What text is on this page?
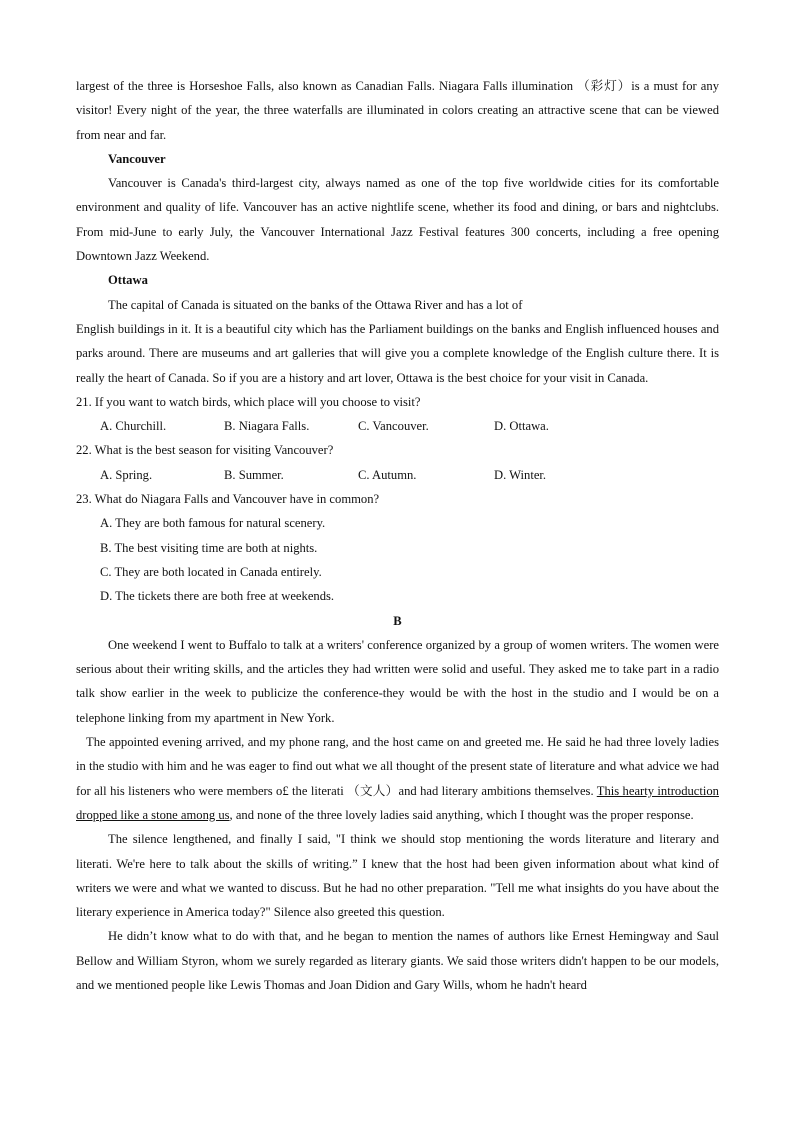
largest of the three is Horseshoe Falls, also known as Canadian Falls. Niagara Falls illumination （彩灯）is a must for any visitor! Every night of the year, the three waterfalls are illuminated in colors creating an attractive scene that can be viewed from near and far.

Vancouver

Vancouver is Canada's third-largest city, always named as one of the top five worldwide cities for its comfortable environment and quality of life. Vancouver has an active nightlife scene, whether its food and dining, or bars and nightclubs. From mid-June to early July, the Vancouver International Jazz Festival features 300 concerts, including a free opening Downtown Jazz Weekend.

Ottawa

The capital of Canada is situated on the banks of the Ottawa River and has a lot of

English buildings in it. It is a beautiful city which has the Parliament buildings on the banks and English influenced houses and parks around. There are museums and art galleries that will give you a complete knowledge of the English culture there. It is really the heart of Canada. So if you are a history and art lover, Ottawa is the best choice for your visit in Canada.

21. If you want to watch birds, which place will you choose to visit?

A. Churchill.	B. Niagara Falls.	C. Vancouver.	D. Ottawa.

22. What is the best season for visiting Vancouver?

A. Spring.	B. Summer.	C. Autumn.	D. Winter.

23. What do Niagara Falls and Vancouver have in common?

A. They are both famous for natural scenery.

B. The best visiting time are both at nights.

C. They are both located in Canada entirely.

D. The tickets there are both free at weekends.

B

One weekend I went to Buffalo to talk at a writers' conference organized by a group of women writers. The women were serious about their writing skills, and the articles they had written were solid and useful. They asked me to take part in a radio talk show earlier in the week to publicize the conference-they would be with the host in the studio and I would be on a telephone linking from my apartment in New York.

The appointed evening arrived, and my phone rang, and the host came on and greeted me. He said he had three lovely ladies in the studio with him and he was eager to find out what we all thought of the present state of literature and what advice we had for all his listeners who were members o£ the literati （文人）and had literary ambitions themselves. This hearty introduction dropped like a stone among us, and none of the three lovely ladies said anything, which I thought was the proper response.

The silence lengthened, and finally I said, "I think we should stop mentioning the words literature and literary and literati. We're here to talk about the skills of writing.” I knew that the host had been given information about what kind of writers we were and what we wanted to discuss. But he had no other preparation. "Tell me what insights do you have about the literary experience in America today?" Silence also greeted this question.

He didn’t know what to do with that, and he began to mention the names of authors like Ernest Hemingway and Saul Bellow and William Styron, whom we surely regarded as literary giants. We said those writers didn't happen to be our models, and we mentioned people like Lewis Thomas and Joan Didion and Gary Wills, whom he hadn't heard
